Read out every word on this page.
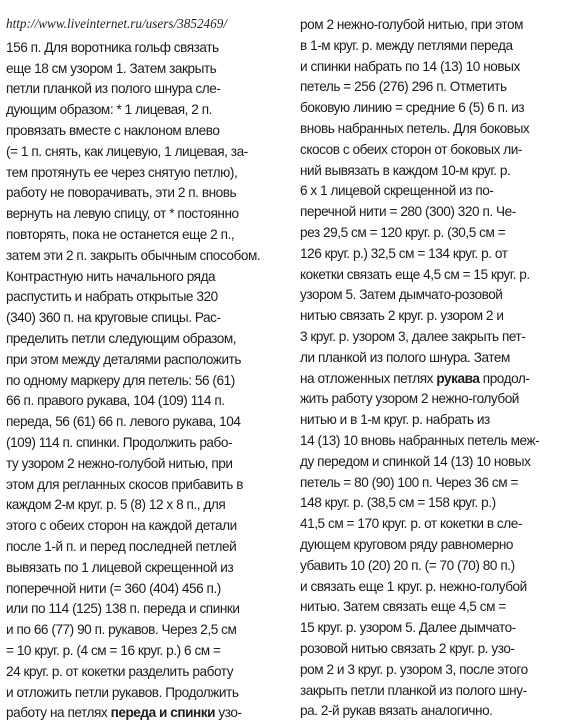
http://www.liveinternet.ru/users/3852469/

156 п. Для воротника гольф связать
еще 18 см узором 1. Затем закрыть
петли планкой из полого шнура сле-
дующим образом: * 1 лицевая, 2 п.
провязать вместе с наклоном влево
(= 1 п. снять, как лицевую, 1 лицевая, за-
тем протянуть ее через снятую петлю),
работу не поворачивать, эти 2 п. вновь
вернуть на левую спицу, от * постоянно
повторять, пока не останется еще 2 п.,
затем эти 2 п. закрыть обычным способом.
Контрастную нить начального ряда
распустить и набрать открытые 320
(340) 360 п. на круговые спицы. Рас-
пределить петли следующим образом,
при этом между деталями расположить
по одному маркеру для петель: 56 (61)
66 п. правого рукава, 104 (109) 114 п.
переда, 56 (61) 66 п. левого рукава, 104
(109) 114 п. спинки. Продолжить рабо-
ту узором 2 нежно-голубой нитью, при
этом для регланных скосов прибавить в
каждом 2-м круг. р. 5 (8) 12 х 8 п., для
этого с обеих сторон на каждой детали
после 1-й п. и перед последней петлей
вывязать по 1 лицевой скрещенной из
поперечной нити (= 360 (404) 456 п.)
или по 114 (125) 138 п. переда и спинки
и по 66 (77) 90 п. рукавов. Через 2,5 см
= 10 круг. р. (4 см = 16 круг. р.) 6 см =
24 круг. р. от кокетки разделить работу
и отложить петли рукавов. Продолжить
работу на петлях переда и спинки узо-
ром 2 нежно-голубой нитью, при этом
в 1-м круг. р. между петлями переда
и спинки набрать по 14 (13) 10 новых
петель = 256 (276) 296 п. Отметить
боковую линию = средние 6 (5) 6 п. из
вновь набранных петель. Для боковых
скосов с обеих сторон от боковых ли-
ний вывязать в каждом 10-м круг. р.
6 х 1 лицевой скрещенной из по-
перечной нити = 280 (300) 320 п. Че-
рез 29,5 см = 120 круг. р. (30,5 см =
126 круг. р.) 32,5 см = 134 круг. р. от
кокетки связать еще 4,5 см = 15 круг. р.
узором 5. Затем дымчато-розовой
нитью связать 2 круг. р. узором 2 и
3 круг. р. узором 3, далее закрыть пет-
ли планкой из полого шнура. Затем
на отложенных петлях рукава продол-
жить работу узором 2 нежно-голубой
нитью и в 1-м круг. р. набрать из
14 (13) 10 вновь набранных петель меж-
ду передом и спинкой 14 (13) 10 новых
петель = 80 (90) 100 п. Через 36 см =
148 круг. р. (38,5 см = 158 круг. р.)
41,5 см = 170 круг. р. от кокетки в сле-
дующем круговом ряду равномерно
убавить 10 (20) 20 п. (= 70 (70) 80 п.)
и связать еще 1 круг. р. нежно-голубой
нитью. Затем связать еще 4,5 см =
15 круг. р. узором 5. Далее дымчато-
розовой нитью связать 2 круг. р. узо-
ром 2 и 3 круг. р. узором 3, после этого
закрыть петли планкой из полого шну-
ра. 2-й рукав вязать аналогично.
